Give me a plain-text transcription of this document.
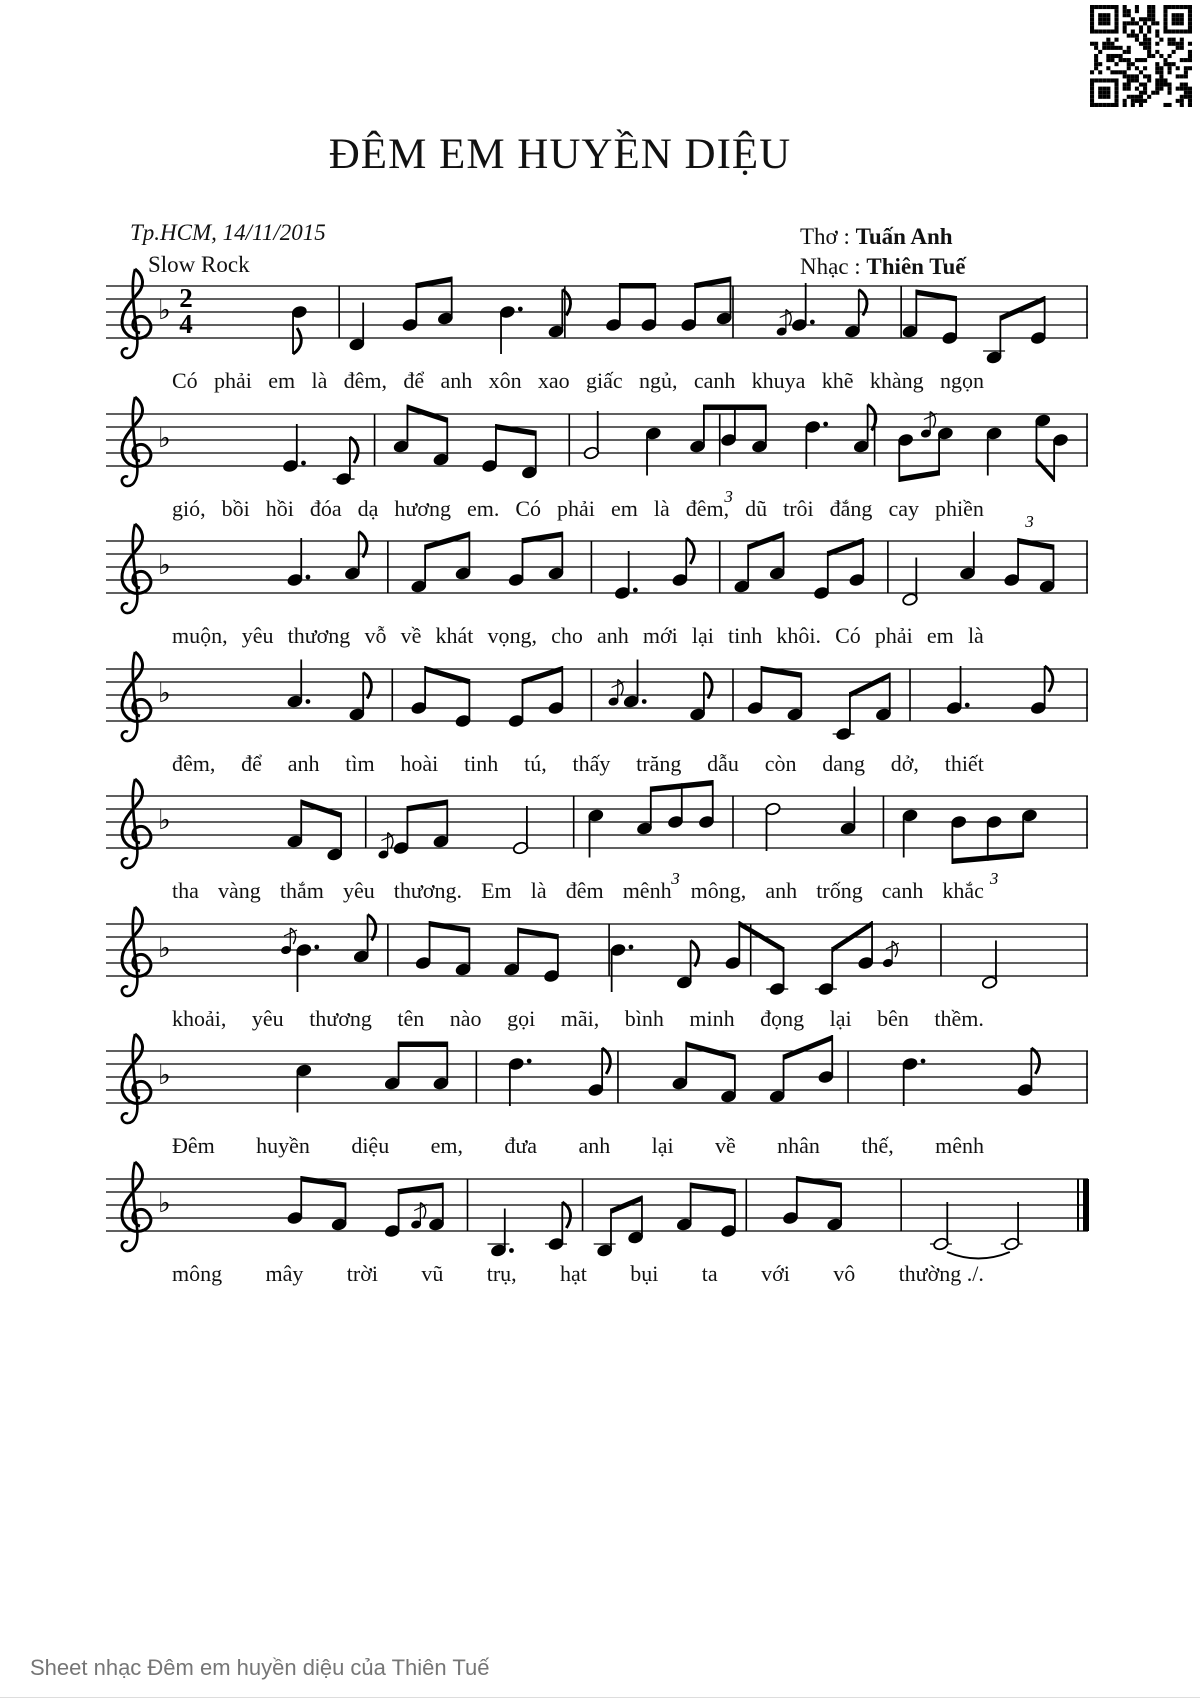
ĐÊM EM HUYỀN DIỆU
Tp.HCM, 14/11/2015
Slow Rock
Thơ : Tuấn Anh
Nhạc : Thiên Tuế
♭ 2
4
Có phải em là đêm, để anh xôn xao giấc ngủ, canh khuya khẽ khàng ngọn
♭
3
gió, bồi hồi đóa dạ hương em. Có phải em là đêm, dũ trôi đắng cay phiền
♭
3
muộn, yêu thương vỗ về khát vọng, cho anh mới lại tinh khôi. Có phải em là
♭
đêm, để anh tìm hoài tinh tú, thấy trăng dẫu còn dang dở, thiết
♭
3	3
tha vàng thắm yêu thương. Em là đêm mênh mông, anh trống canh khắc
♭
khoải, yêu thương tên nào gọi mãi, bình minh đọng lại bên thềm.
♭
Đêm huyền diệu em, đưa anh lại về nhân thế, mênh
♭
mông mây trời vũ trụ, hạt bụi ta với vô thường ./.
Sheet nhạc Đêm em huyền diệu của Thiên Tuế
